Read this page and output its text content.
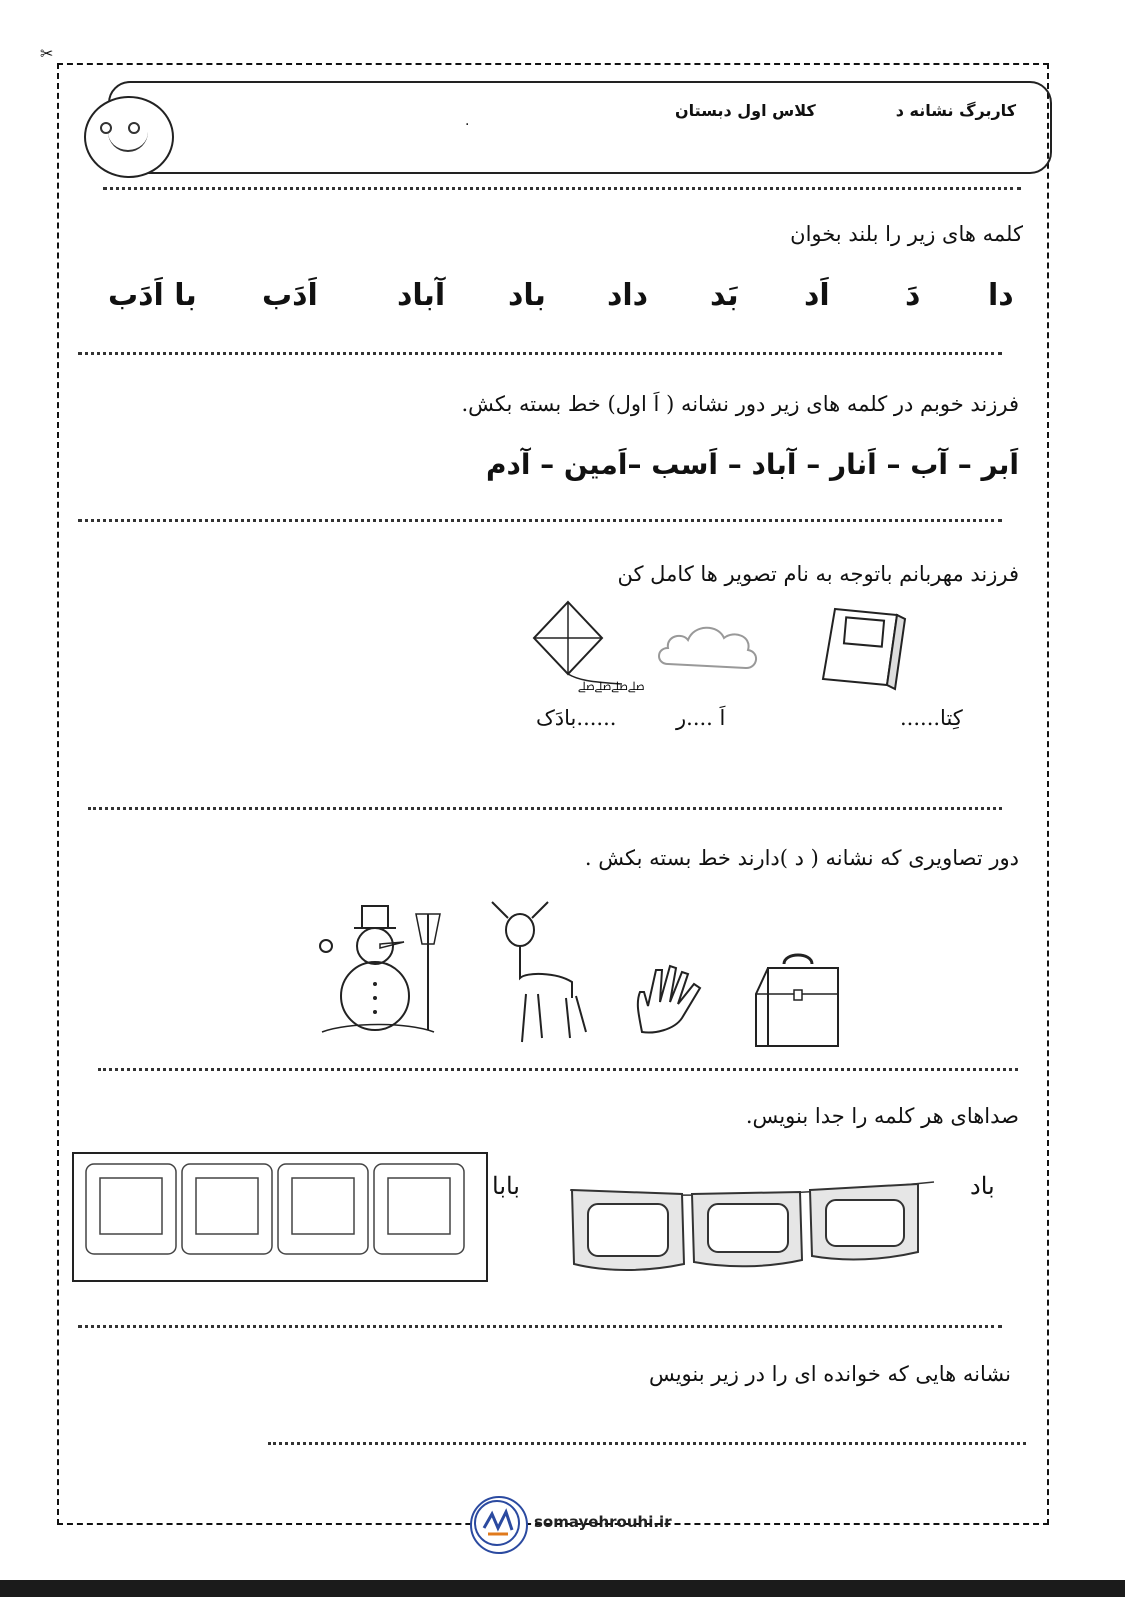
✂
کاربرگ نشانه د
کلاس اول دبستان
.
کلمه های زیر را بلند بخوان
دا
دَ
اَد
بَد
داد
باد
آباد
اَدَب
با اَدَب
فرزند خوبم در کلمه های زیر دور نشانه ( اَ اول) خط بسته بکش.
اَبر – آب – اَنار – آباد – اَسب –اَمین – آدم
فرزند مهربانم باتوجه به نام تصویر ها کامل کن
ﷰﷰﷰﷰ
کِتا......
اَ ....ر
......بادَک
دور تصاویری که نشانه ( د )دارند خط بسته بکش .
صداهای هر کلمه را جدا بنویس.
باد
بابا
نشانه هایی که خوانده ای را در زیر بنویس
somayehrouhi.ir
